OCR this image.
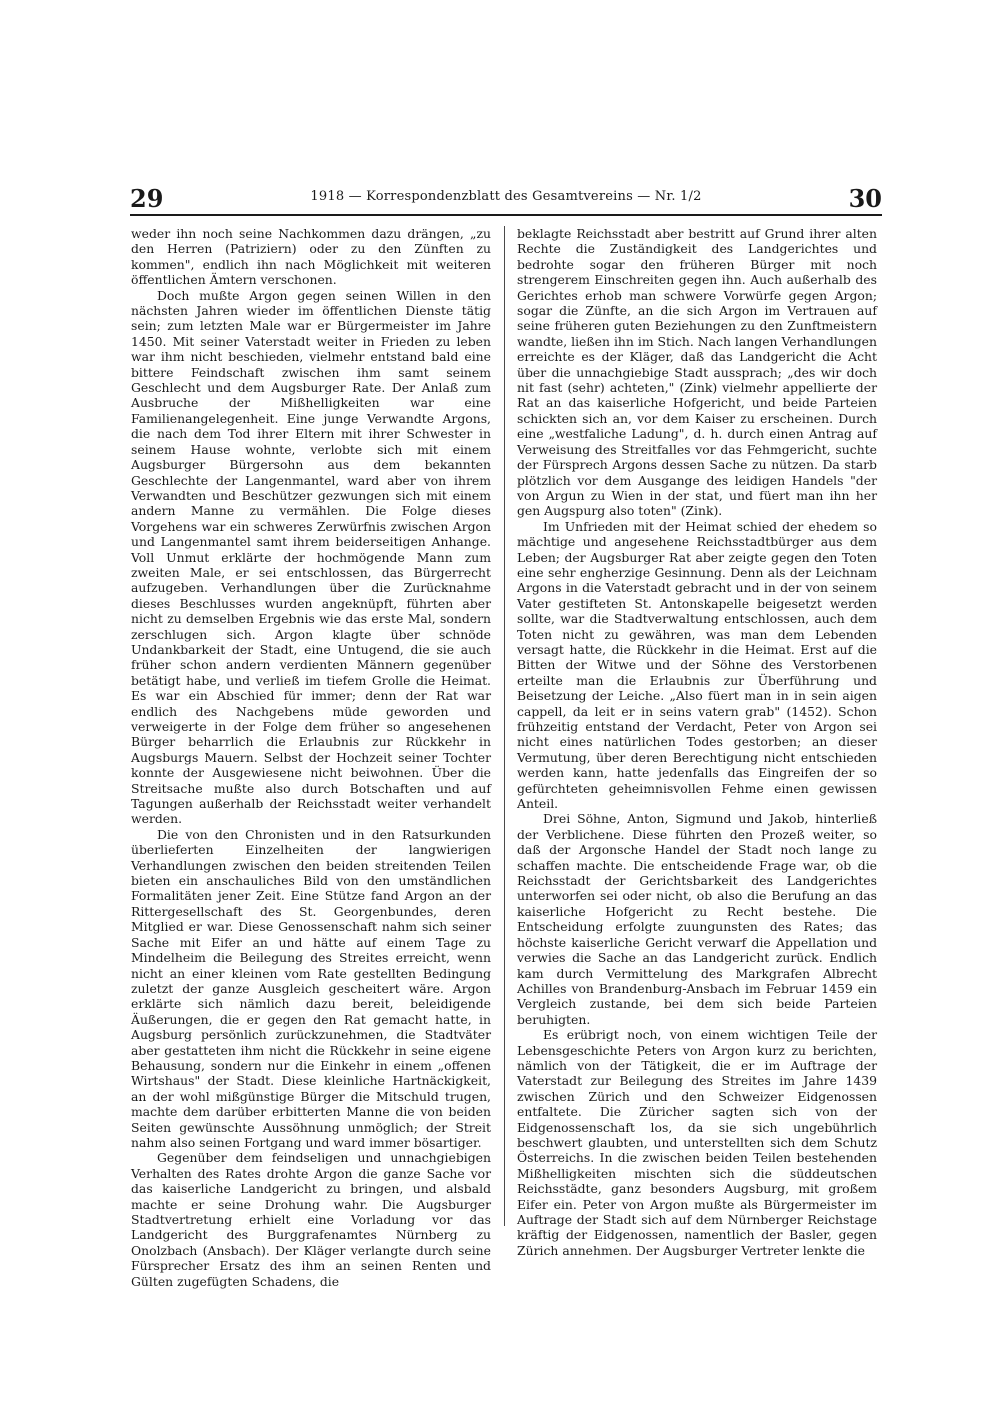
29	1918 — Korrespondenzblatt des Gesamtvereins — Nr. 1/2	30

weder ihn noch seine Nachkommen dazu drängen, „zu den Herren (Patriziern) oder zu den Zünften zu kommen", endlich ihn nach Möglichkeit mit weiteren öffentlichen Ämtern verschonen.

Doch mußte Argon gegen seinen Willen in den nächsten Jahren wieder im öffentlichen Dienste tätig sein; zum letzten Male war er Bürgermeister im Jahre 1450. Mit seiner Vaterstadt weiter in Frieden zu leben war ihm nicht beschieden, vielmehr entstand bald eine bittere Feindschaft zwischen ihm samt seinem Geschlecht und dem Augsburger Rate. Der Anlaß zum Ausbruche der Mißhelligkeiten war eine Familienangelegenheit. Eine junge Verwandte Argons, die nach dem Tod ihrer Eltern mit ihrer Schwester in seinem Hause wohnte, verlobte sich mit einem Augsburger Bürgersohn aus dem bekannten Geschlechte der Langenmantel, ward aber von ihrem Verwandten und Beschützer gezwungen sich mit einem andern Manne zu vermählen. Die Folge dieses Vorgehens war ein schweres Zerwürfnis zwischen Argon und Langenmantel samt ihrem beiderseitigen Anhange. Voll Unmut erklärte der hochmögende Mann zum zweiten Male, er sei entschlossen, das Bürgerrecht aufzugeben. Verhandlungen über die Zurücknahme dieses Beschlusses wurden angeknüpft, führten aber nicht zu demselben Ergebnis wie das erste Mal, sondern zerschlugen sich. Argon klagte über schnöde Undankbarkeit der Stadt, eine Untugend, die sie auch früher schon andern verdienten Männern gegenüber betätigt habe, und verließ im tiefem Grolle die Heimat. Es war ein Abschied für immer; denn der Rat war endlich des Nachgebens müde geworden und verweigerte in der Folge dem früher so angesehenen Bürger beharrlich die Erlaubnis zur Rückkehr in Augsburgs Mauern. Selbst der Hochzeit seiner Tochter konnte der Ausgewiesene nicht beiwohnen. Über die Streitsache mußte also durch Botschaften und auf Tagungen außerhalb der Reichsstadt weiter verhandelt werden.

Die von den Chronisten und in den Ratsurkunden überlieferten Einzelheiten der langwierigen Verhandlungen zwischen den beiden streitenden Teilen bieten ein anschauliches Bild von den umständlichen Formalitäten jener Zeit. Eine Stütze fand Argon an der Rittergesellschaft des St. Georgenbundes, deren Mitglied er war. Diese Genossenschaft nahm sich seiner Sache mit Eifer an und hätte auf einem Tage zu Mindelheim die Beilegung des Streites erreicht, wenn nicht an einer kleinen vom Rate gestellten Bedingung zuletzt der ganze Ausgleich gescheitert wäre. Argon erklärte sich nämlich dazu bereit, beleidigende Äußerungen, die er gegen den Rat gemacht hatte, in Augsburg persönlich zurückzunehmen, die Stadtväter aber gestatteten ihm nicht die Rückkehr in seine eigene Behausung, sondern nur die Einkehr in einem „offenen Wirtshaus" der Stadt. Diese kleinliche Hartnäckigkeit, an der wohl mißgünstige Bürger die Mitschuld trugen, machte dem darüber erbitterten Manne die von beiden Seiten gewünschte Aussöhnung unmöglich; der Streit nahm also seinen Fortgang und ward immer bösartiger.

Gegenüber dem feindseligen und unnachgiebigen Verhalten des Rates drohte Argon die ganze Sache vor das kaiserliche Landgericht zu bringen, und alsbald machte er seine Drohung wahr. Die Augsburger Stadtvertretung erhielt eine Vorladung vor das Landgericht des Burggrafenamtes Nürnberg zu Onolzbach (Ansbach). Der Kläger verlangte durch seine Fürsprecher Ersatz des ihm an seinen Renten und Gülten zugefügten Schadens, die

beklagte Reichsstadt aber bestritt auf Grund ihrer alten Rechte die Zuständigkeit des Landgerichtes und bedrohte sogar den früheren Bürger mit noch strengerem Einschreiten gegen ihn. Auch außerhalb des Gerichtes erhob man schwere Vorwürfe gegen Argon; sogar die Zünfte, an die sich Argon im Vertrauen auf seine früheren guten Beziehungen zu den Zunftmeistern wandte, ließen ihn im Stich. Nach langen Verhandlungen erreichte es der Kläger, daß das Landgericht die Acht über die unnachgiebige Stadt aussprach; „des wir doch nit fast (sehr) achteten," (Zink) vielmehr appellierte der Rat an das kaiserliche Hofgericht, und beide Parteien schickten sich an, vor dem Kaiser zu erscheinen. Durch eine „westfaliche Ladung", d. h. durch einen Antrag auf Verweisung des Streitfalles vor das Fehmgericht, suchte der Fürsprech Argons dessen Sache zu nützen. Da starb plötzlich vor dem Ausgange des leidigen Handels "der von Argun zu Wien in der stat, und füert man ihn her gen Augspurg also toten" (Zink).

Im Unfrieden mit der Heimat schied der ehedem so mächtige und angesehene Reichsstadtbürger aus dem Leben; der Augsburger Rat aber zeigte gegen den Toten eine sehr engherzige Gesinnung. Denn als der Leichnam Argons in die Vaterstadt gebracht und in der von seinem Vater gestifteten St. Antonskapelle beigesetzt werden sollte, war die Stadtverwaltung entschlossen, auch dem Toten nicht zu gewähren, was man dem Lebenden versagt hatte, die Rückkehr in die Heimat. Erst auf die Bitten der Witwe und der Söhne des Verstorbenen erteilte man die Erlaubnis zur Überführung und Beisetzung der Leiche. „Also füert man in in sein aigen cappell, da leit er in seins vatern grab" (1452). Schon frühzeitig entstand der Verdacht, Peter von Argon sei nicht eines natürlichen Todes gestorben; an dieser Vermutung, über deren Berechtigung nicht entschieden werden kann, hatte jedenfalls das Eingreifen der so gefürchteten geheimnisvollen Fehme einen gewissen Anteil.

Drei Söhne, Anton, Sigmund und Jakob, hinterließ der Verblichene. Diese führten den Prozeß weiter, so daß der Argonsche Handel der Stadt noch lange zu schaffen machte. Die entscheidende Frage war, ob die Reichsstadt der Gerichtsbarkeit des Landgerichtes unterworfen sei oder nicht, ob also die Berufung an das kaiserliche Hofgericht zu Recht bestehe. Die Entscheidung erfolgte zuungunsten des Rates; das höchste kaiserliche Gericht verwarf die Appellation und verwies die Sache an das Landgericht zurück. Endlich kam durch Vermittelung des Markgrafen Albrecht Achilles von Brandenburg-Ansbach im Februar 1459 ein Vergleich zustande, bei dem sich beide Parteien beruhigten.

Es erübrigt noch, von einem wichtigen Teile der Lebensgeschichte Peters von Argon kurz zu berichten, nämlich von der Tätigkeit, die er im Auftrage der Vaterstadt zur Beilegung des Streites im Jahre 1439 zwischen Zürich und den Schweizer Eidgenossen entfaltete. Die Züricher sagten sich von der Eidgenossenschaft los, da sie sich ungebührlich beschwert glaubten, und unterstellten sich dem Schutz Österreichs. In die zwischen beiden Teilen bestehenden Mißhelligkeiten mischten sich die süddeutschen Reichsstädte, ganz besonders Augsburg, mit großem Eifer ein. Peter von Argon mußte als Bürgermeister im Auftrage der Stadt sich auf dem Nürnberger Reichstage kräftig der Eidgenossen, namentlich der Basler, gegen Zürich annehmen. Der Augsburger Vertreter lenkte die
